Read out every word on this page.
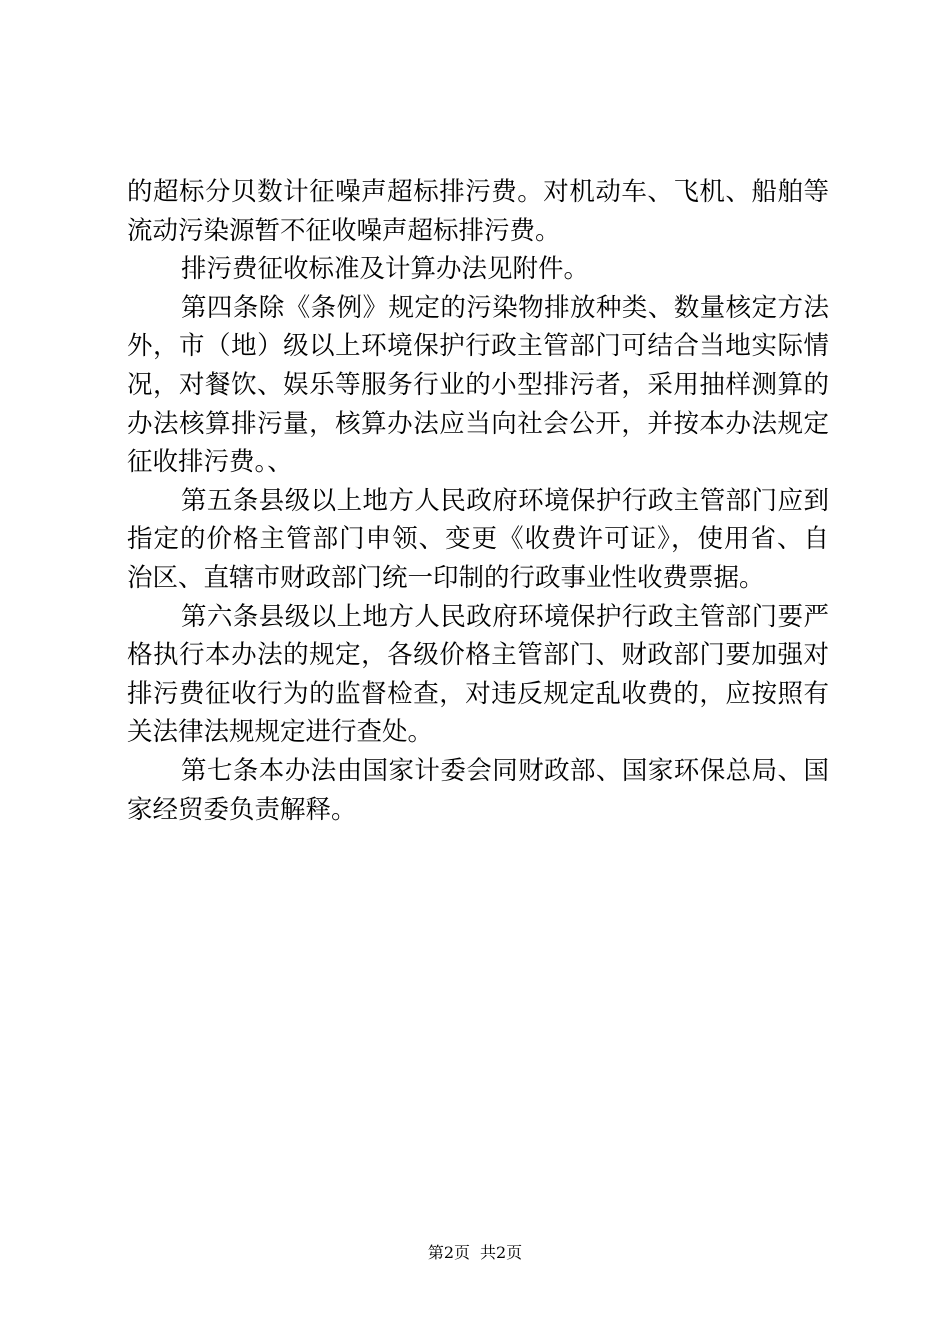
的超标分贝数计征噪声超标排污费。对机动车、飞机、船舶等
流动污染源暂不征收噪声超标排污费。
排污费征收标准及计算办法见附件。
第四条除《条例》规定的污染物排放种类、数量核定方法
外，市（地）级以上环境保护行政主管部门可结合当地实际情
况，对餐饮、娱乐等服务行业的小型排污者，采用抽样测算的
办法核算排污量，核算办法应当向社会公开，并按本办法规定
征收排污费。、
第五条县级以上地方人民政府环境保护行政主管部门应到
指定的价格主管部门申领、变更《收费许可证》，使用省、自
治区、直辖市财政部门统一印制的行政事业性收费票据。
第六条县级以上地方人民政府环境保护行政主管部门要严
格执行本办法的规定，各级价格主管部门、财政部门要加强对
排污费征收行为的监督检查，对违反规定乱收费的，应按照有
关法律法规规定进行查处。
第七条本办法由国家计委会同财政部、国家环保总局、国
家经贸委负责解释。
第2页 共2页
